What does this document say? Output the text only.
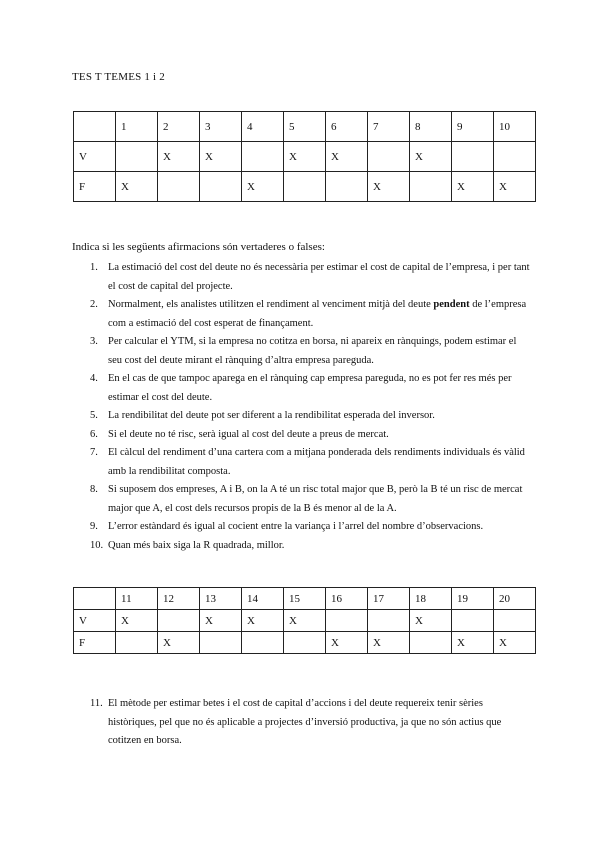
TES T TEMES 1 i 2
	1	2	3	4	5	6	7	8	9	10
V		X	X		X	X		X		
F	X			X			X		X	X
Indica si les següents afirmacions són vertaderes o falses:
1. La estimació del cost del deute no és necessària per estimar el cost de capital de l’empresa, i per tant el cost de capital del projecte.
2. Normalment, els analistes utilitzen el rendiment al venciment mitjà del deute pendent de l’empresa com a estimació del cost esperat de finançament.
3. Per calcular el YTM, si la empresa no cotitza en borsa, ni apareix en rànquings, podem estimar el seu cost del deute mirant el rànquing d’altra empresa pareguda.
4. En el cas de que tampoc aparega en el rànquing cap empresa pareguda, no es pot fer res més per estimar el cost del deute.
5. La rendibilitat del deute pot ser diferent a la rendibilitat esperada del inversor.
6. Si el deute no té risc, serà igual al cost del deute a preus de mercat.
7. El càlcul del rendiment d’una cartera com a mitjana ponderada dels rendiments individuals és vàlid amb la rendibilitat composta.
8. Si suposem dos empreses, A i B, on la A té un risc total major que B, però la B té un risc de mercat major que A, el cost dels recursos propis de la B és menor al de la A.
9. L’error estàndard és igual al cocient entre la variança i l’arrel del nombre d’observacions.
10. Quan més baix siga la R quadrada, millor.
	11	12	13	14	15	16	17	18	19	20
V	X		X	X	X			X		
F		X				X	X		X	X
11. El mètode per estimar betes i el cost de capital d’accions i del deute requereix tenir sèries històriques, pel que no és aplicable a projectes d’inversió productiva, ja que no són actius que cotitzen en borsa.
